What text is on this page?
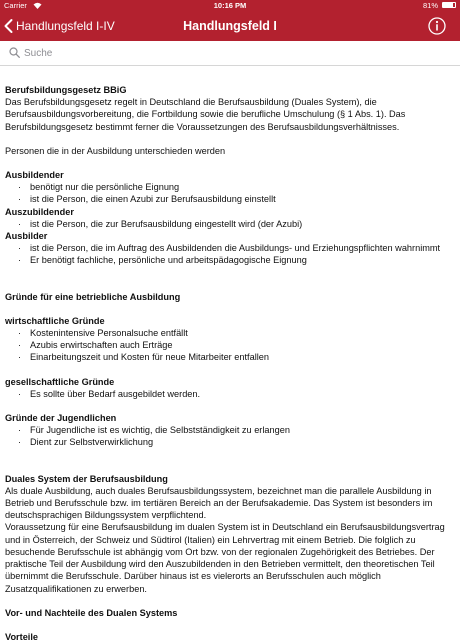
Carrier	10:16 PM	81%
Handlungsfeld I-IV	Handlungsfeld I
Suche
Berufsbildungsgesetz BBiG

Das Berufsbildungsgesetz regelt in Deutschland die Berufsausbildung (Duales System), die Berufsausbildungsvorbereitung, die Fortbildung sowie die berufliche Umschulung (§ 1 Abs. 1). Das Berufsbildungsgesetz bestimmt ferner die Voraussetzungen des Berufsausbildungsverhältnisses.

Personen die in der Ausbildung unterschieden werden

Ausbildender
· benötigt nur die persönliche Eignung
· ist die Person, die einen Azubi zur Berufsausbildung einstellt
Auszubildender
· ist die Person, die zur Berufsausbildung eingestellt wird (der Azubi)
Ausbilder
· ist die Person, die im Auftrag des Ausbildenden die Ausbildungs- und Erziehungspflichten wahrnimmt
· Er benötigt fachliche, persönliche und arbeitspädagogische Eignung
Gründe für eine betriebliche Ausbildung
wirtschaftliche Gründe
· Kostenintensive Personalsuche entfällt
· Azubis erwirtschaften auch Erträge
· Einarbeitungszeit und Kosten für neue Mitarbeiter entfallen
gesellschaftliche Gründe
· Es sollte über Bedarf ausgebildet werden.
Gründe der Jugendlichen
· Für Jugendliche ist es wichtig, die Selbstständigkeit zu erlangen
· Dient zur Selbstverwirklichung
Duales System der Berufsausbildung

Als duale Ausbildung, auch duales Berufsausbildungssystem, bezeichnet man die parallele Ausbildung in Betrieb und Berufsschule bzw. im tertiären Bereich an der Berufsakademie. Das System ist besonders im deutschsprachigen Bildungssystem verpflichtend.

Voraussetzung für eine Berufsausbildung im dualen System ist in Deutschland ein Berufsausbildungsvertrag und in Österreich, der Schweiz und Südtirol (Italien) ein Lehrvertrag mit einem Betrieb. Die folglich zu besuchende Berufsschule ist abhängig vom Ort bzw. von der regionalen Zugehörigkeit des Betriebes. Der praktische Teil der Ausbildung wird den Auszubildenden in den Betrieben vermittelt, den theoretischen Teil übernimmt die Berufsschule. Darüber hinaus ist es vielerorts an Berufsschulen auch möglich Zusatzqualifikationen zu erwerben.

Vor- und Nachteile des Dualen Systems
Vorteile
